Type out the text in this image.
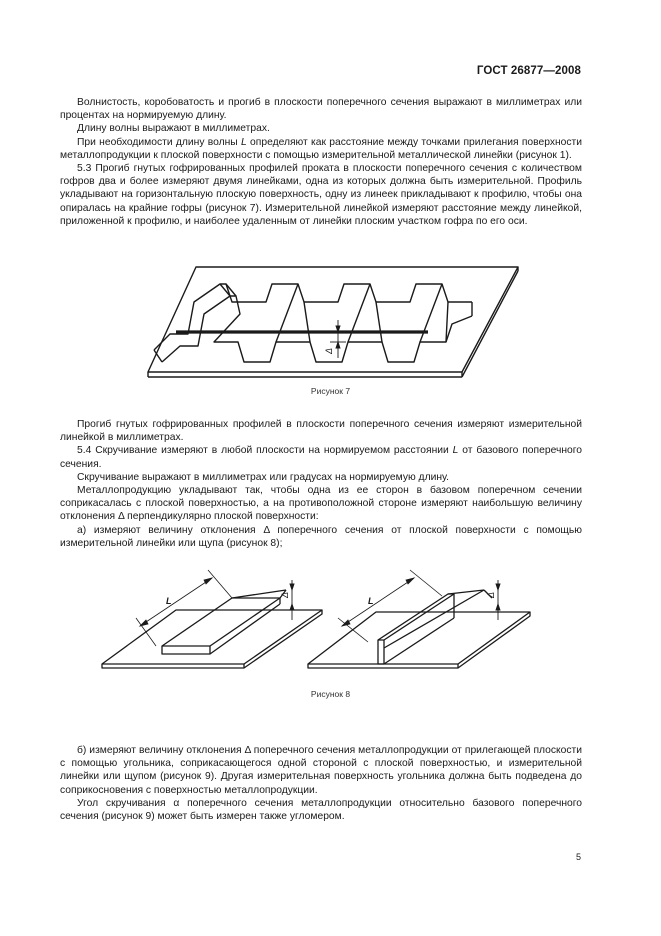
ГОСТ 26877—2008

Волнистость, коробоватость и прогиб в плоскости поперечного сечения выражают в миллиметрах или процентах на нормируемую длину.

Длину волны выражают в миллиметрах.

При необходимости длину волны L определяют как расстояние между точками прилегания поверхности металлопродукции к плоской поверхности с помощью измерительной металлической линейки (рисунок 1).

5.3 Прогиб гнутых гофрированных профилей проката в плоскости поперечного сечения с количеством гофров два и более измеряют двумя линейками, одна из которых должна быть измерительной. Профиль укладывают на горизонтальную плоскую поверхность, одну из линеек прикладывают к профилю, чтобы она опиралась на крайние гофры (рисунок 7). Измерительной линейкой измеряют расстояние между линейкой, приложенной к профилю, и наиболее удаленным от линейки плоским участком гофра по его оси.

Δ
Рисунок 7

Прогиб гнутых гофрированных профилей в плоскости поперечного сечения измеряют измерительной линейкой в миллиметрах.

5.4 Скручивание измеряют в любой плоскости на нормируемом расстоянии L от базового поперечного сечения.

Скручивание выражают в миллиметрах или градусах на нормируемую длину.

Металлопродукцию укладывают так, чтобы одна из ее сторон в базовом поперечном сечении соприкасалась с плоской поверхностью, а на противоположной стороне измеряют наибольшую величину отклонения Δ перпендикулярно плоской поверхности:

а) измеряют величину отклонения Δ поперечного сечения от плоской поверхности с помощью измерительной линейки или щупа (рисунок 8);

L	L
Δ	Δ
Рисунок 8

б) измеряют величину отклонения Δ поперечного сечения металлопродукции от прилегающей плоскости с помощью угольника, соприкасающегося одной стороной с плоской поверхностью, и измерительной линейки или щупом (рисунок 9). Другая измерительная поверхность угольника должна быть подведена до соприкосновения с поверхностью металлопродукции.

Угол скручивания α поперечного сечения металлопродукции относительно базового поперечного сечения (рисунок 9) может быть измерен также угломером.

5
